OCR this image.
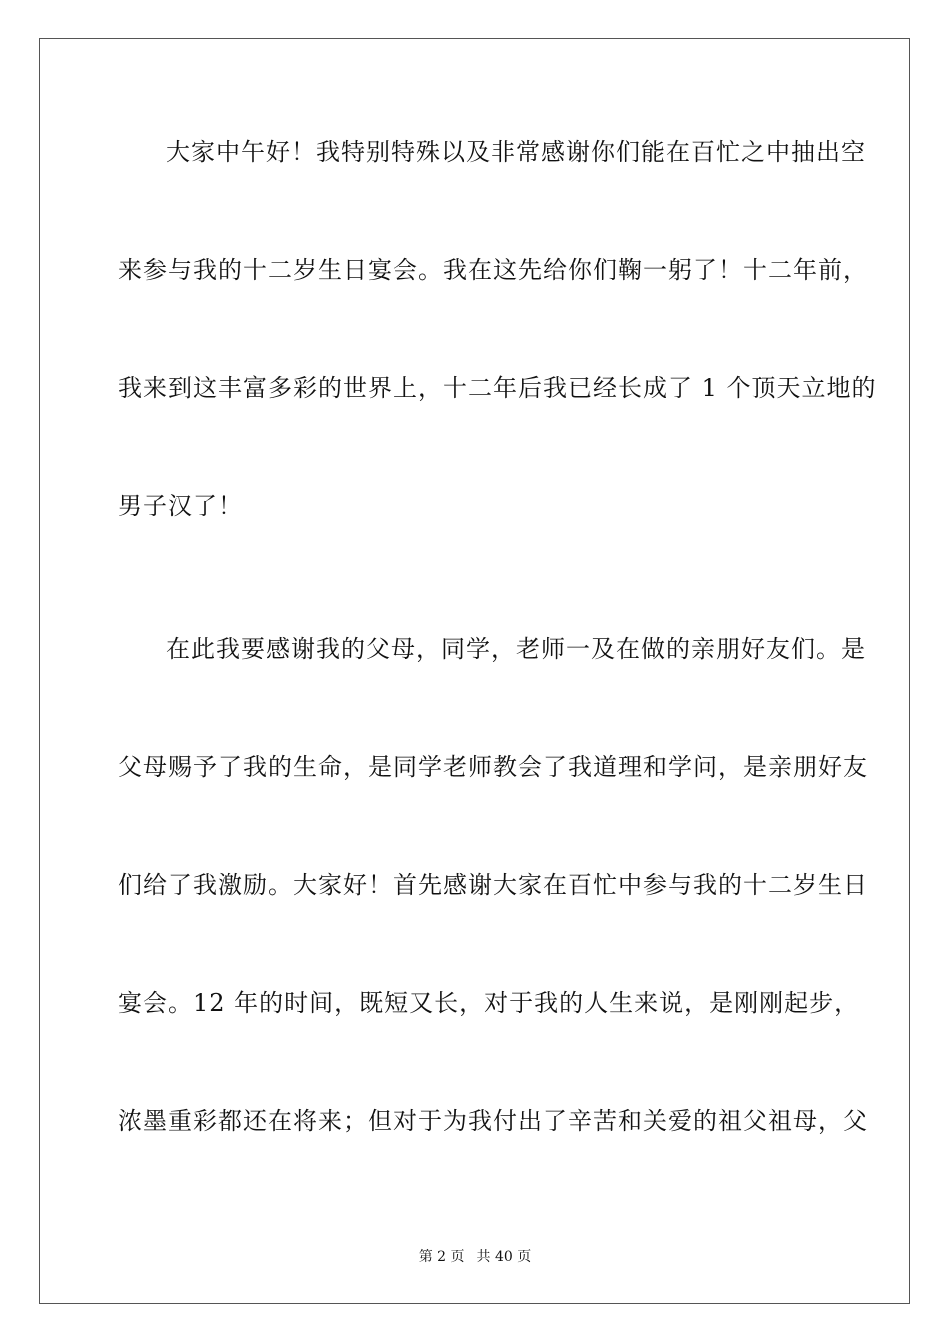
大家中午好！我特别特殊以及非常感谢你们能在百忙之中抽出空
来参与我的十二岁生日宴会。我在这先给你们鞠一躬了！十二年前，
我来到这丰富多彩的世界上，十二年后我已经长成了 1 个顶天立地的
男子汉了！
在此我要感谢我的父母，同学，老师一及在做的亲朋好友们。是
父母赐予了我的生命，是同学老师教会了我道理和学问，是亲朋好友
们给了我激励。大家好！首先感谢大家在百忙中参与我的十二岁生日
宴会。12 年的时间，既短又长，对于我的人生来说，是刚刚起步，
浓墨重彩都还在将来；但对于为我付出了辛苦和关爱的祖父祖母，父
第 2 页 共 40 页
